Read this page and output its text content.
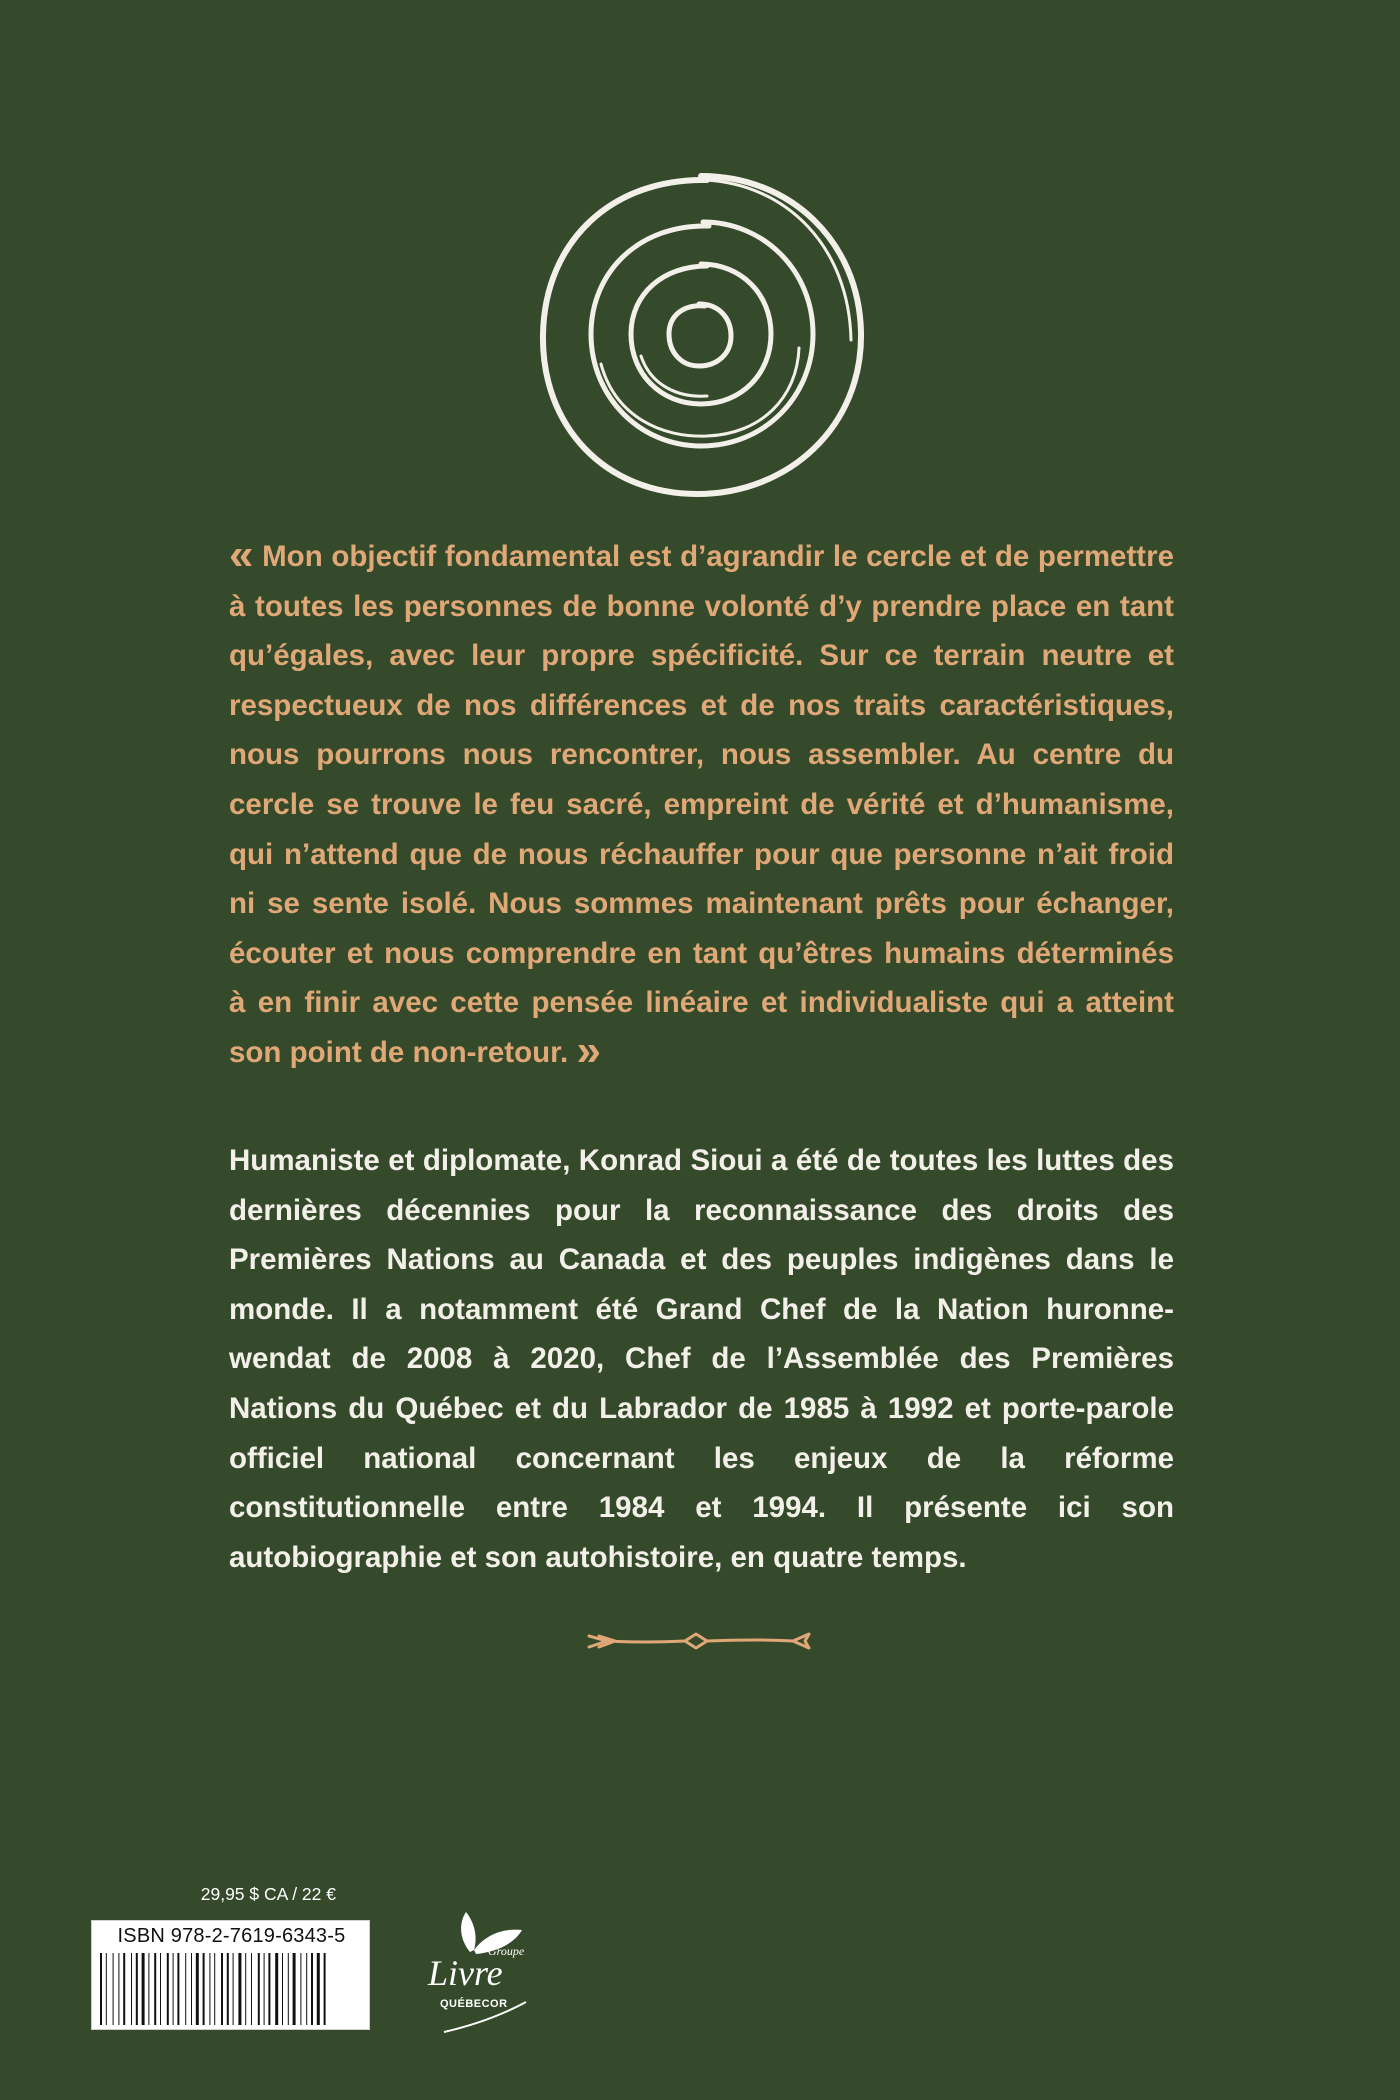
« Mon objectif fondamental est d’agrandir le cercle et de permettre à toutes les personnes de bonne volonté d’y prendre place en tant qu’égales, avec leur propre spécificité. Sur ce terrain neutre et respectueux de nos différences et de nos traits caractéristiques, nous pourrons nous rencontrer, nous assembler. Au centre du cercle se trouve le feu sacré, empreint de vérité et d’humanisme, qui n’attend que de nous réchauffer pour que personne n’ait froid ni se sente isolé. Nous sommes maintenant prêts pour échanger, écouter et nous comprendre en tant qu’êtres humains déterminés à en finir avec cette pensée linéaire et individualiste qui a atteint son point de non-retour. »

Humaniste et diplomate, Konrad Sioui a été de toutes les luttes des dernières décennies pour la reconnaissance des droits des Premières Nations au Canada et des peuples indigènes dans le monde. Il a notamment été Grand Chef de la Nation huronne-wendat de 2008 à 2020, Chef de l’Assemblée des Premières Nations du Québec et du Labrador de 1985 à 1992 et porte-parole officiel national concernant les enjeux de la réforme constitutionnelle entre 1984 et 1994. Il présente ici son autobiographie et son autohistoire, en quatre temps.

29,95 $ CA / 22 €
ISBN 978-2-7619-6343-5
Groupe
Livre
QUÉBECOR
